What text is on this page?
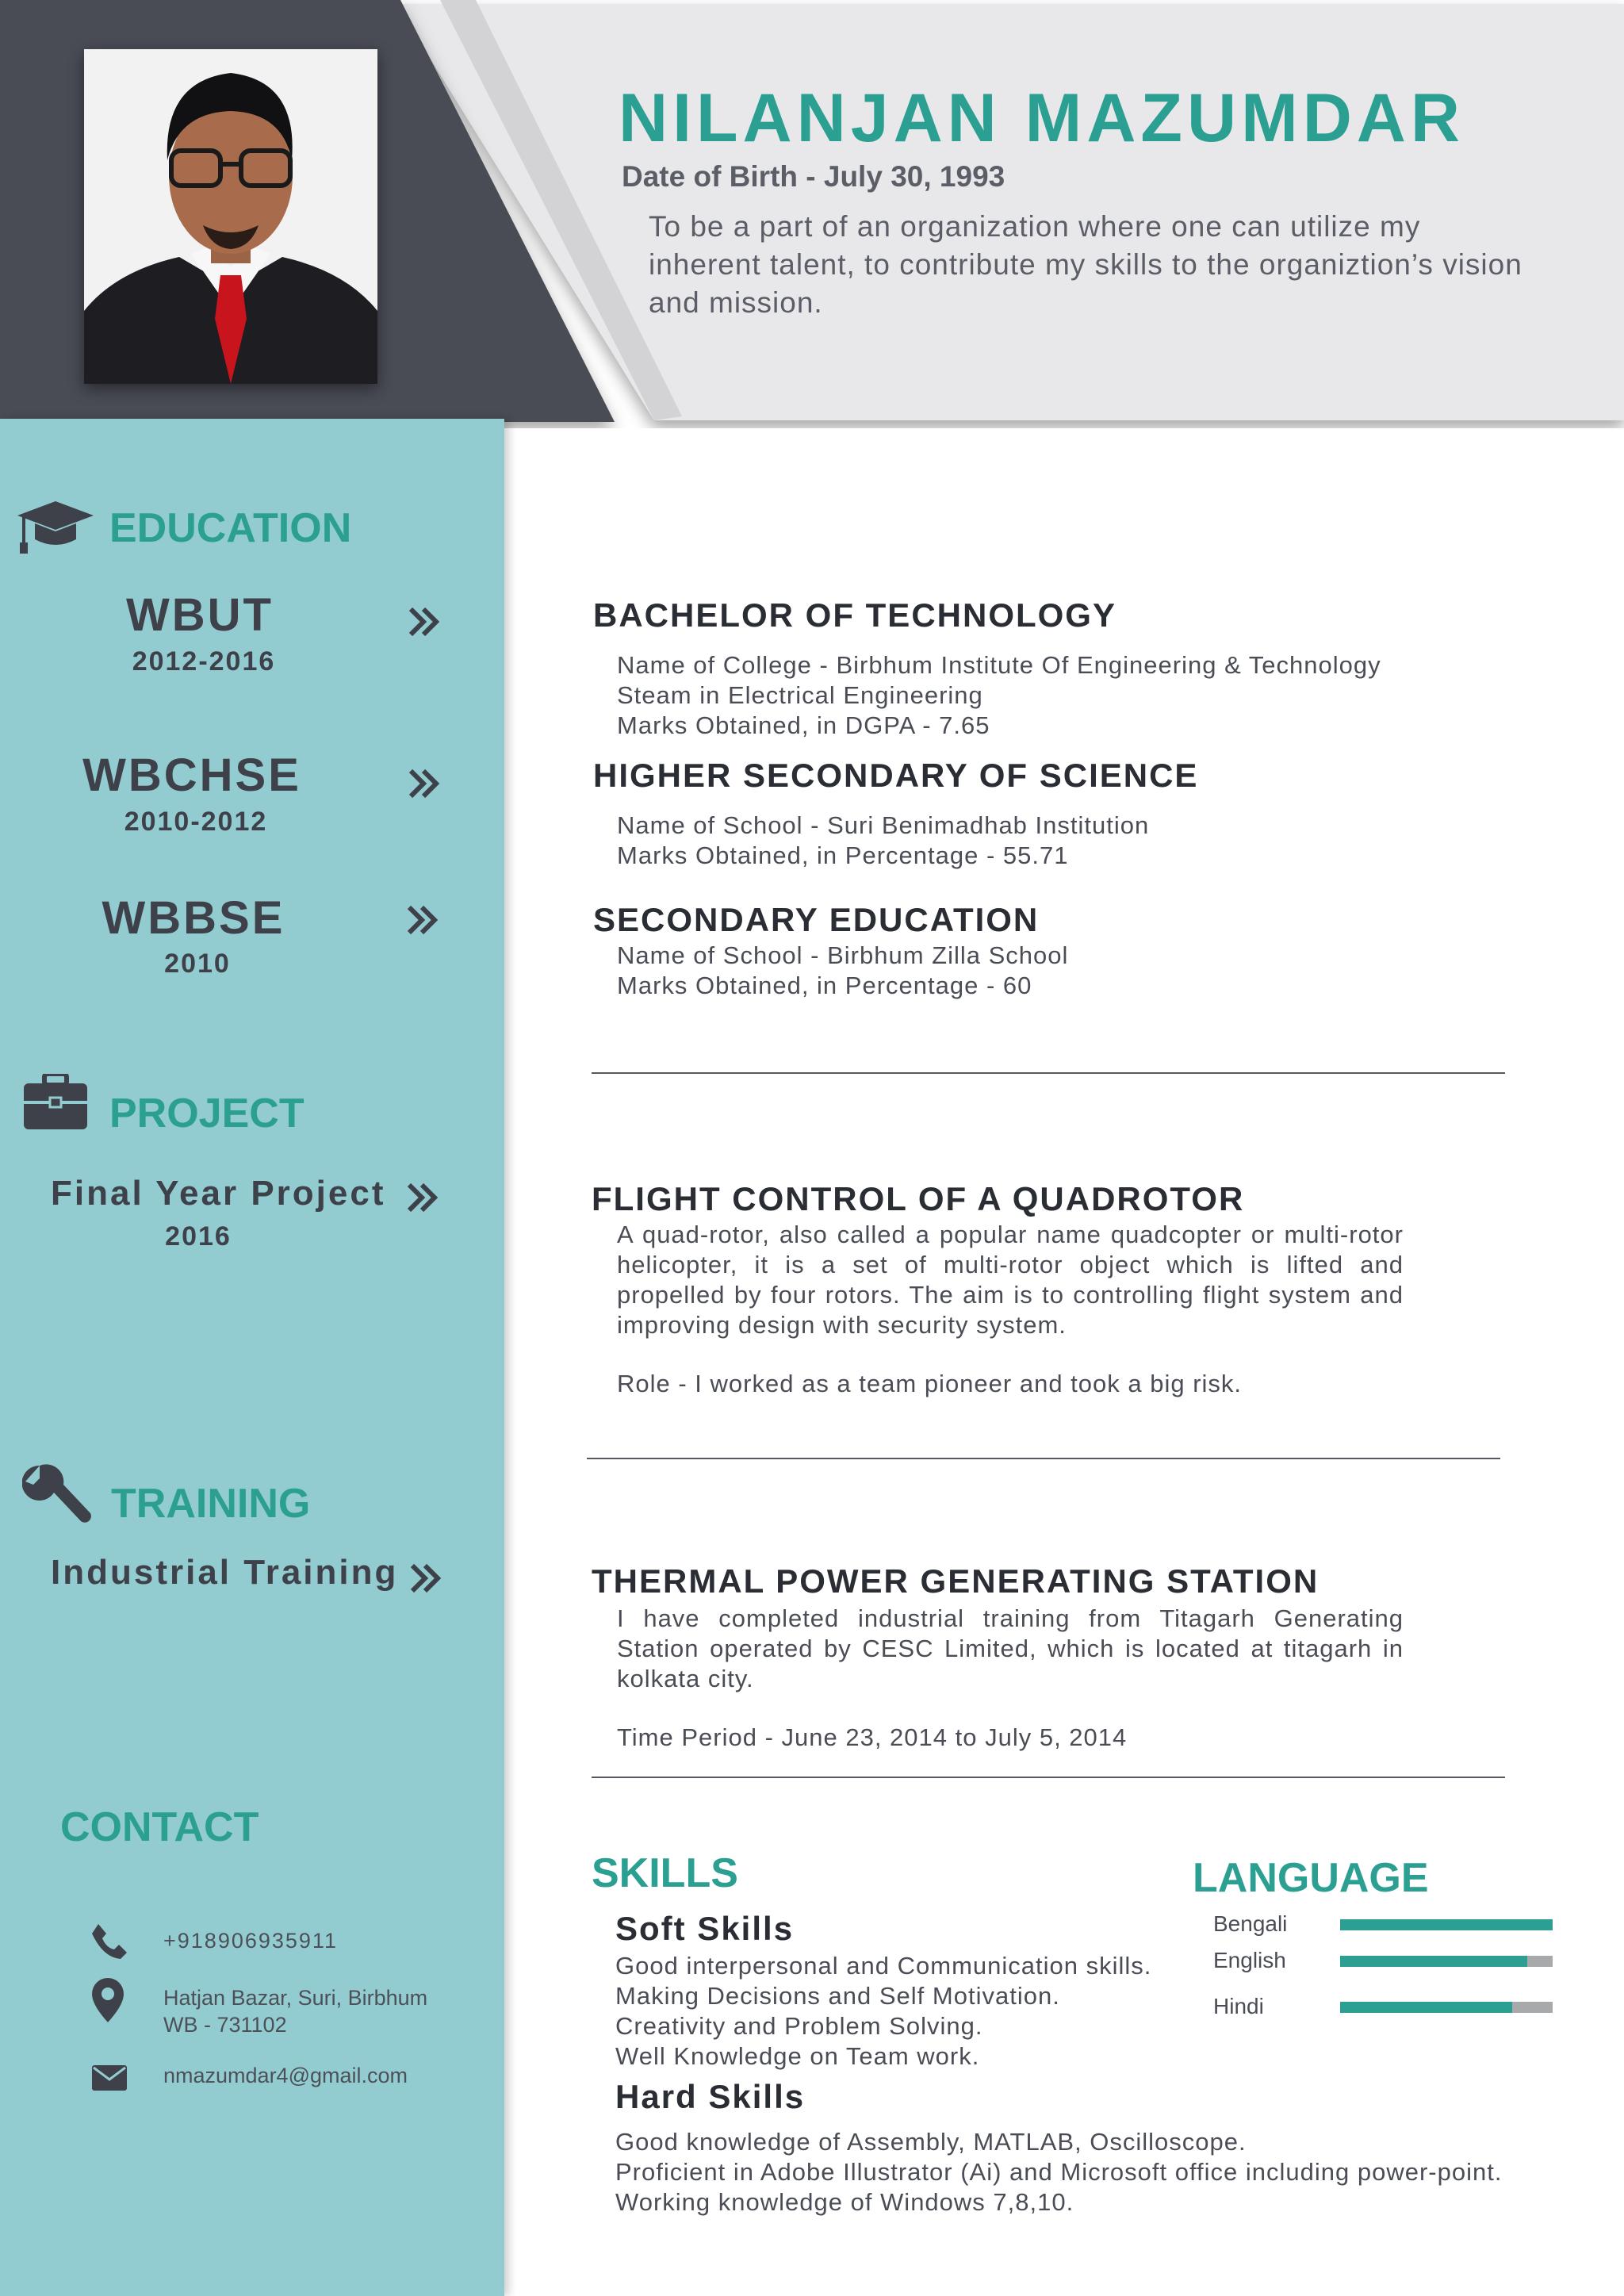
NILANJAN MAZUMDAR
Date of Birth - July 30, 1993
To be a part of an organization where one can utilize my inherent talent, to contribute my skills to the organiztion’s vision and mission.
EDUCATION
WBUT
2012-2016
WBCHSE
2010-2012
WBBSE
2010
PROJECT
Final Year Project
2016
TRAINING
Industrial Training
CONTACT
+918906935911
Hatjan Bazar, Suri, Birbhum
WB - 731102
nmazumdar4@gmail.com
BACHELOR OF TECHNOLOGY
Name of College - Birbhum Institute Of Engineering & Technology
Steam in Electrical Engineering
Marks Obtained, in DGPA - 7.65
HIGHER SECONDARY OF SCIENCE
Name of School - Suri Benimadhab Institution
Marks Obtained, in Percentage - 55.71
SECONDARY EDUCATION
Name of School - Birbhum Zilla School
Marks Obtained, in Percentage - 60
FLIGHT CONTROL OF A QUADROTOR
A quad-rotor, also called a popular name quadcopter or multi-rotor helicopter, it is a set of multi-rotor object which is lifted and propelled by four rotors. The aim is to controlling flight system and improving design with security system.
Role - I worked as a team pioneer and took a big risk.
THERMAL POWER GENERATING STATION
I have completed industrial training from Titagarh Generating Station operated by CESC Limited, which is located at titagarh in kolkata city.
Time Period - June 23, 2014 to July 5, 2014
SKILLS
Soft Skills
Good interpersonal and Communication skills.
Making Decisions and Self Motivation.
Creativity and Problem Solving.
Well Knowledge on Team work.
Hard Skills
Good knowledge of Assembly, MATLAB, Oscilloscope.
Proficient in Adobe Illustrator (Ai) and Microsoft office including power-point.
Working knowledge of Windows 7,8,10.
LANGUAGE
Bengali
English
Hindi
